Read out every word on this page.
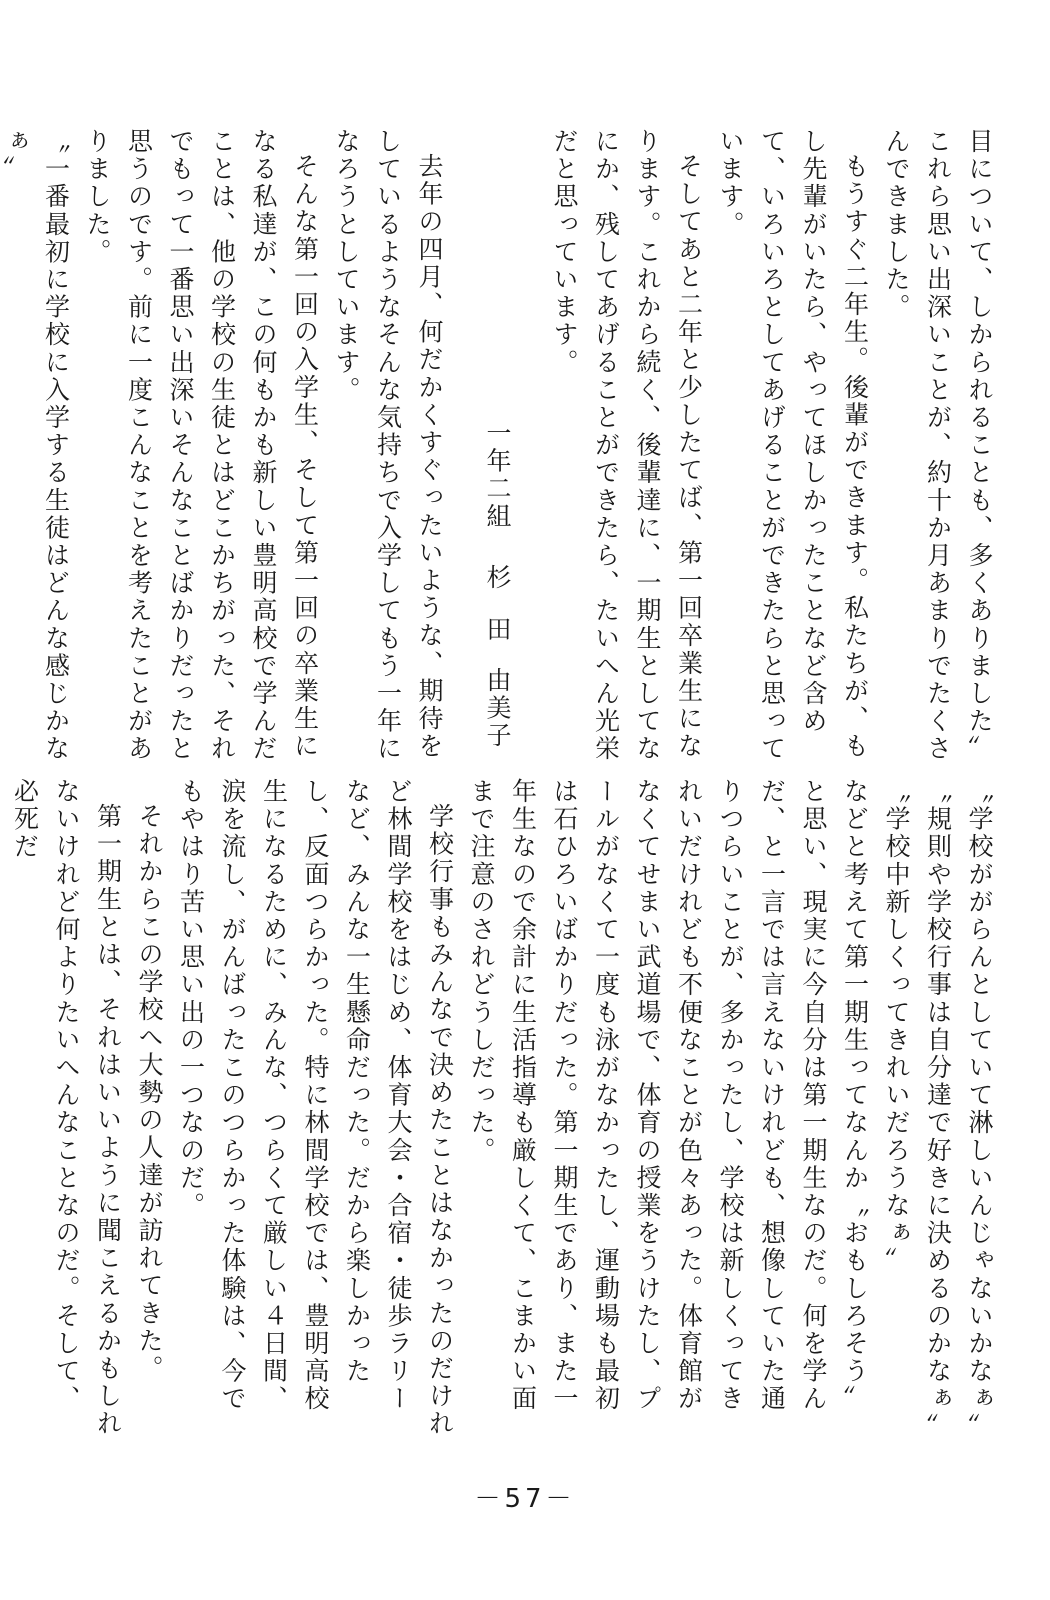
目について、しかられることも、多くありました〟これら思い出深いことが、約十か月あまりでたくさんできました。

もうすぐ二年生。後輩ができます。私たちが、もし先輩がいたら、やってほしかったことなど含めて、いろいろとしてあげることができたらと思っています。

そしてあと二年と少したてば、第一回卒業生になります。これから続く、後輩達に、一期生としてなにか、残してあげることができたら、たいへん光栄だと思っています。

一年二組
杉
田
由美子

去年の四月、何だかくすぐったいような、期待をしているようなそんな気持ちで入学してもう一年になろうとしています。

そんな第一回の入学生、そして第一回の卒業生になる私達が、この何もかも新しい豊明高校で学んだことは、他の学校の生徒とはどこかちがった、それでもって一番思い出深いそんなことばかりだったと思うのです。前に一度こんなことを考えたことがありました。

〝一番最初に学校に入学する生徒はどんな感じかなぁ〟

〝学校ががらんとしていて淋しいんじゃないかなぁ〟

〝規則や学校行事は自分達で好きに決めるのかなぁ〟

〝学校中新しくってきれいだろうなぁ〟

などと考えて第一期生ってなんか〝おもしろそう〟と思い、現実に今自分は第一期生なのだ。何を学んだ、と一言では言えないけれども、想像していた通りつらいことが、多かったし、学校は新しくってきれいだけれども不便なことが色々あった。体育館がなくてせまい武道場で、体育の授業をうけたし、プールがなくて一度も泳がなかったし、運動場も最初は石ひろいばかりだった。第一期生であり、また一年生なので余計に生活指導も厳しくて、こまかい面まで注意のされどうしだった。

学校行事もみんなで決めたことはなかったのだけれど林間学校をはじめ、体育大会・合宿・徒歩ラリーなど、みんな一生懸命だった。だから楽しかったし、反面つらかった。特に林間学校では、豊明高校生になるために、みんな、つらくて厳しい４日間、涙を流し、がんばったこのつらかった体験は、今でもやはり苦い思い出の一つなのだ。

それからこの学校へ大勢の人達が訪れてきた。

第一期生とは、それはいいように聞こえるかもしれないけれど何よりたいへんなことなのだ。そして、必死だ

－57－
